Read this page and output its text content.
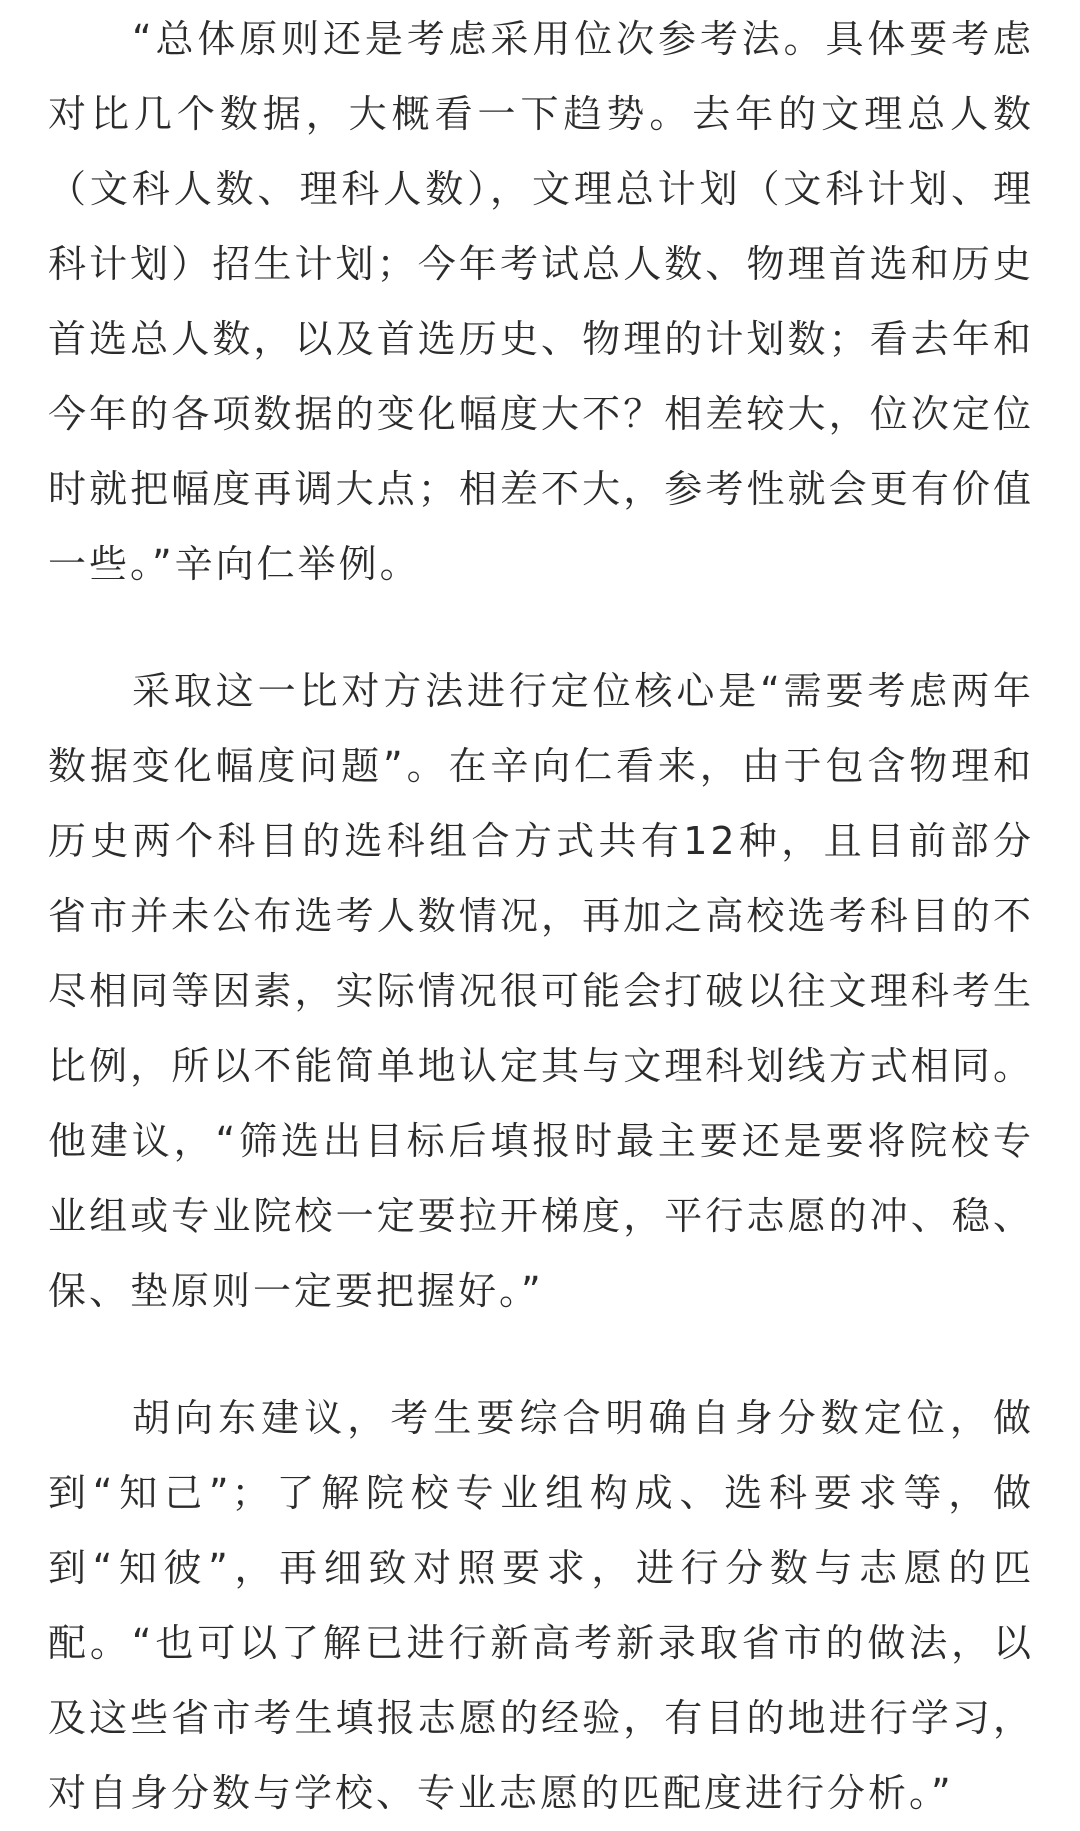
“总体原则还是考虑采用位次参考法。具体要考虑对比几个数据，大概看一下趋势。去年的文理总人数（文科人数、理科人数），文理总计划（文科计划、理科计划）招生计划；今年考试总人数、物理首选和历史首选总人数，以及首选历史、物理的计划数；看去年和今年的各项数据的变化幅度大不？相差较大，位次定位时就把幅度再调大点；相差不大，参考性就会更有价值一些。”辛向仁举例。

采取这一比对方法进行定位核心是“需要考虑两年数据变化幅度问题”。在辛向仁看来，由于包含物理和历史两个科目的选科组合方式共有12种，且目前部分省市并未公布选考人数情况，再加之高校选考科目的不尽相同等因素，实际情况很可能会打破以往文理科考生比例，所以不能简单地认定其与文理科划线方式相同。他建议，“筛选出目标后填报时最主要还是要将院校专业组或专业院校一定要拉开梯度，平行志愿的冲、稳、保、垫原则一定要把握好。”

胡向东建议，考生要综合明确自身分数定位，做到“知己”；了解院校专业组构成、选科要求等，做到“知彼”，再细致对照要求，进行分数与志愿的匹配。“也可以了解已进行新高考新录取省市的做法，以及这些省市考生填报志愿的经验，有目的地进行学习，对自身分数与学校、专业志愿的匹配度进行分析。”
